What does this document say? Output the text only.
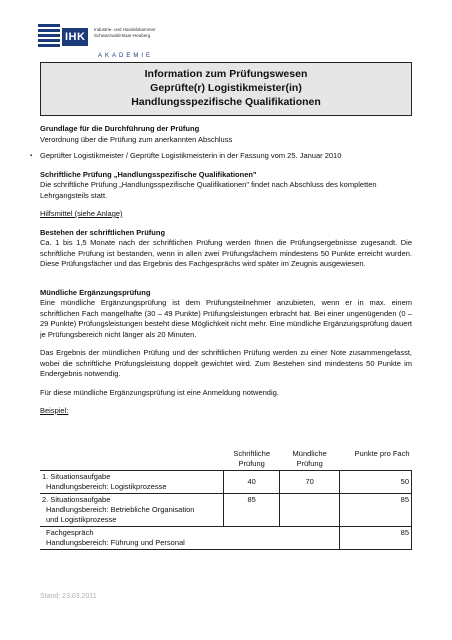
IHK
Industrie- und Handelskammer Schwarzwald-Baar-Heuberg
AKADEMIE
Information zum Prüfungswesen
Geprüfte(r) Logistikmeister(in)
Handlungsspezifische Qualifikationen

Grundlage für die Durchführung der Prüfung

Verordnung über die Prüfung zum anerkannten Abschluss

▪ Geprüfter Logistikmeister / Geprüfte Logistikmeisterin in der Fassung vom 25. Januar 2010

Schriftliche Prüfung „Handlungsspezifische Qualifikationen"

Die schriftliche Prüfung „Handlungsspezifische Qualifikationen" findet nach Abschluss des kompletten Lehrgangsteils statt.

Hilfsmittel (siehe Anlage)

Bestehen der schriftlichen Prüfung

Ca. 1 bis 1,5 Monate nach der schriftlichen Prüfung werden Ihnen die Prüfungsergebnisse zugesandt. Die schriftliche Prüfung ist bestanden, wenn in allen zwei Prüfungsfächern mindestens 50 Punkte erreicht wurden. Diese Prüfungsfächer und das Ergebnis des Fachgesprächs wird später im Zeugnis ausgewiesen.

Mündliche Ergänzungsprüfung

Eine mündliche Ergänzungsprüfung ist dem Prüfungsteilnehmer anzubieten, wenn er in max. einem schriftlichen Fach mangelhafte (30 – 49 Punkte) Prüfungsleistungen erbracht hat. Bei einer ungenügenden (0 – 29 Punkte) Prüfungsleistungen besteht diese Möglichkeit nicht mehr. Eine mündliche Ergänzungsprüfung dauert je Prüfungsbereich nicht länger als 20 Minuten.

Das Ergebnis der mündlichen Prüfung und der schriftlichen Prüfung werden zu einer Note zusammengefasst, wobei die schriftliche Prüfungsleistung doppelt gewichtet wird. Zum Bestehen sind mindestens 50 Punkte im Endergebnis notwendig.

Für diese mündliche Ergänzungsprüfung ist eine Anmeldung notwendig.

Beispiel:

	Schriftliche Prüfung	Mündliche Prüfung	Punkte pro Fach

1. Situationsaufgabe
Handlungsbereich: Logistikprozesse	40	70	50

2. Situationsaufgabe
Handlungsbereich: Betriebliche Organisation
und Logistikprozesse	85		85

Fachgespräch
Handlungsbereich: Führung und Personal			85
Stand: 23.03.2011
